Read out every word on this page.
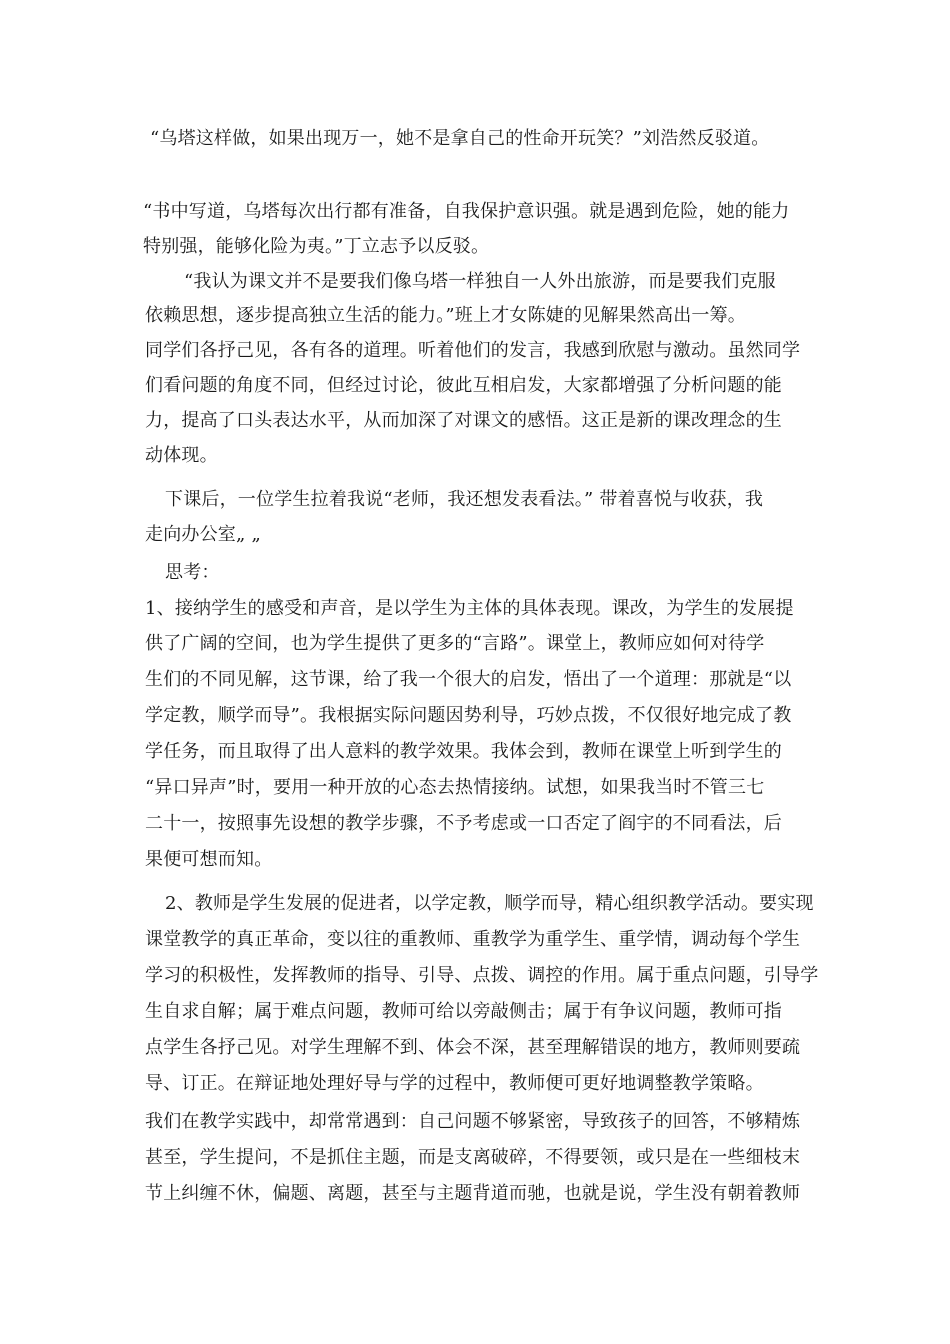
“乌塔这样做，如果出现万一，她不是拿自己的性命开玩笑？”刘浩然反驳道。
“书中写道，乌塔每次出行都有准备，自我保护意识强。就是遇到危险，她的能力
特别强，能够化险为夷。”丁立志予以反驳。
“我认为课文并不是要我们像乌塔一样独自一人外出旅游，而是要我们克服
依赖思想，逐步提高独立生活的能力。”班上才女陈婕的见解果然高出一筹。
同学们各抒己见，各有各的道理。听着他们的发言，我感到欣慰与激动。虽然同学
们看问题的角度不同，但经过讨论，彼此互相启发，大家都增强了分析问题的能
力，提高了口头表达水平，从而加深了对课文的感悟。这正是新的课改理念的生
动体现。
下课后，一位学生拉着我说“老师，我还想发表看法。” 带着喜悦与收获，我
走向办公室„ „
思考：
1、接纳学生的感受和声音，是以学生为主体的具体表现。课改，为学生的发展提
供了广阔的空间，也为学生提供了更多的“言路”。课堂上，教师应如何对待学
生们的不同见解，这节课，给了我一个很大的启发，悟出了一个道理：那就是“以
学定教，顺学而导”。我根据实际问题因势利导，巧妙点拨，不仅很好地完成了教
学任务，而且取得了出人意料的教学效果。我体会到，教师在课堂上听到学生的
“异口异声”时，要用一种开放的心态去热情接纳。试想，如果我当时不管三七
二十一，按照事先设想的教学步骤，不予考虑或一口否定了阎宇的不同看法，后
果便可想而知。
2、教师是学生发展的促进者，以学定教，顺学而导，精心组织教学活动。要实现
课堂教学的真正革命，变以往的重教师、重教学为重学生、重学情，调动每个学生
学习的积极性，发挥教师的指导、引导、点拨、调控的作用。属于重点问题，引导学
生自求自解；属于难点问题，教师可给以旁敲侧击；属于有争议问题，教师可指
点学生各抒己见。对学生理解不到、体会不深，甚至理解错误的地方，教师则要疏
导、订正。在辩证地处理好导与学的过程中，教师便可更好地调整教学策略。
我们在教学实践中，却常常遇到：自己问题不够紧密，导致孩子的回答，不够精炼
甚至，学生提问，不是抓住主题，而是支离破碎，不得要领，或只是在一些细枝末
节上纠缠不休，偏题、离题，甚至与主题背道而驰，也就是说，学生没有朝着教师
